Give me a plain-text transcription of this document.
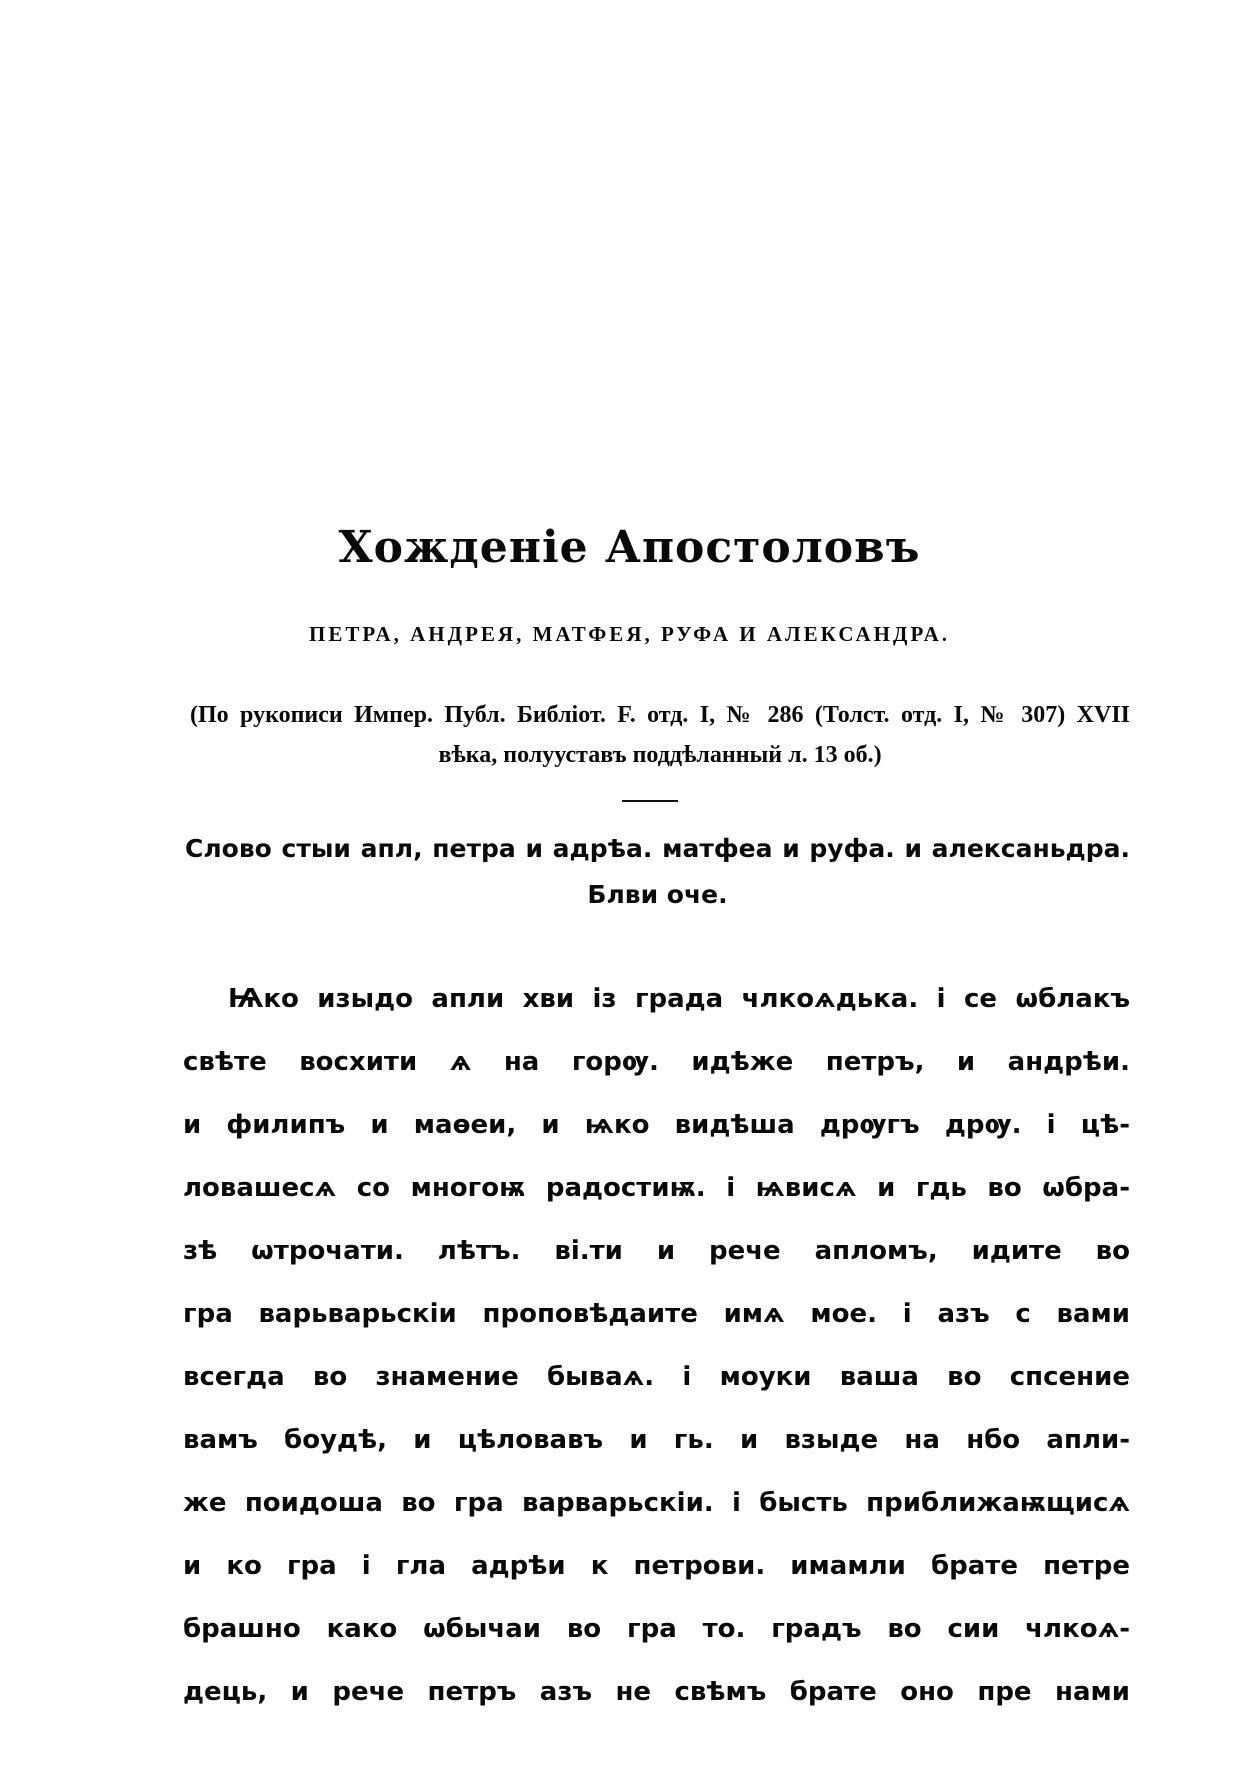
Хожденіе Апостоловъ
ПЕТРА, АНДРЕЯ, МАТФЕЯ, РУФА И АЛЕКСАНДРА.
(По рукописи Импер. Публ. Библіот. F. отд. I, № 286 (Толст. отд. I, № 307) XVII
вѣка, полууставъ поддѣланный л. 13 об.)
Слово стыи апл, петра и адрѣа. матфеа и руфа. и алексаньдра.
Блви оче.
Ѩко изыдо апли хви із града члкоѧдька. і се ѡблакъ
свѣте восхити ѧ на горѹ. идѣже петръ, и андрѣи.
и филипъ и маѳеи, и ѩко видѣша дрѹгъ дрѹ. і цѣ-
ловашесѧ со многоѭ радостиѭ. і ѩвисѧ и гдь во ѡбра-
зѣ ѡтрочати. лѣтъ. ві.ти и рече апломъ, идите во
гра варьварьскіи проповѣдаите имѧ мое. і азъ с вами
всегда во знамение бываѧ. і моуки ваша во спсение
вамъ боудѣ, и цѣловавъ и гь. и взыде на нбо апли-
же поидоша во гра варварьскіи. і бысть приближаѭщисѧ
и ко гра і гла адрѣи к петрови. имамли брате петре
брашно како ѡбычаи во гра то. градъ во сии члкоѧ-
дець, и рече петръ азъ не свѣмъ брате оно пре нами
